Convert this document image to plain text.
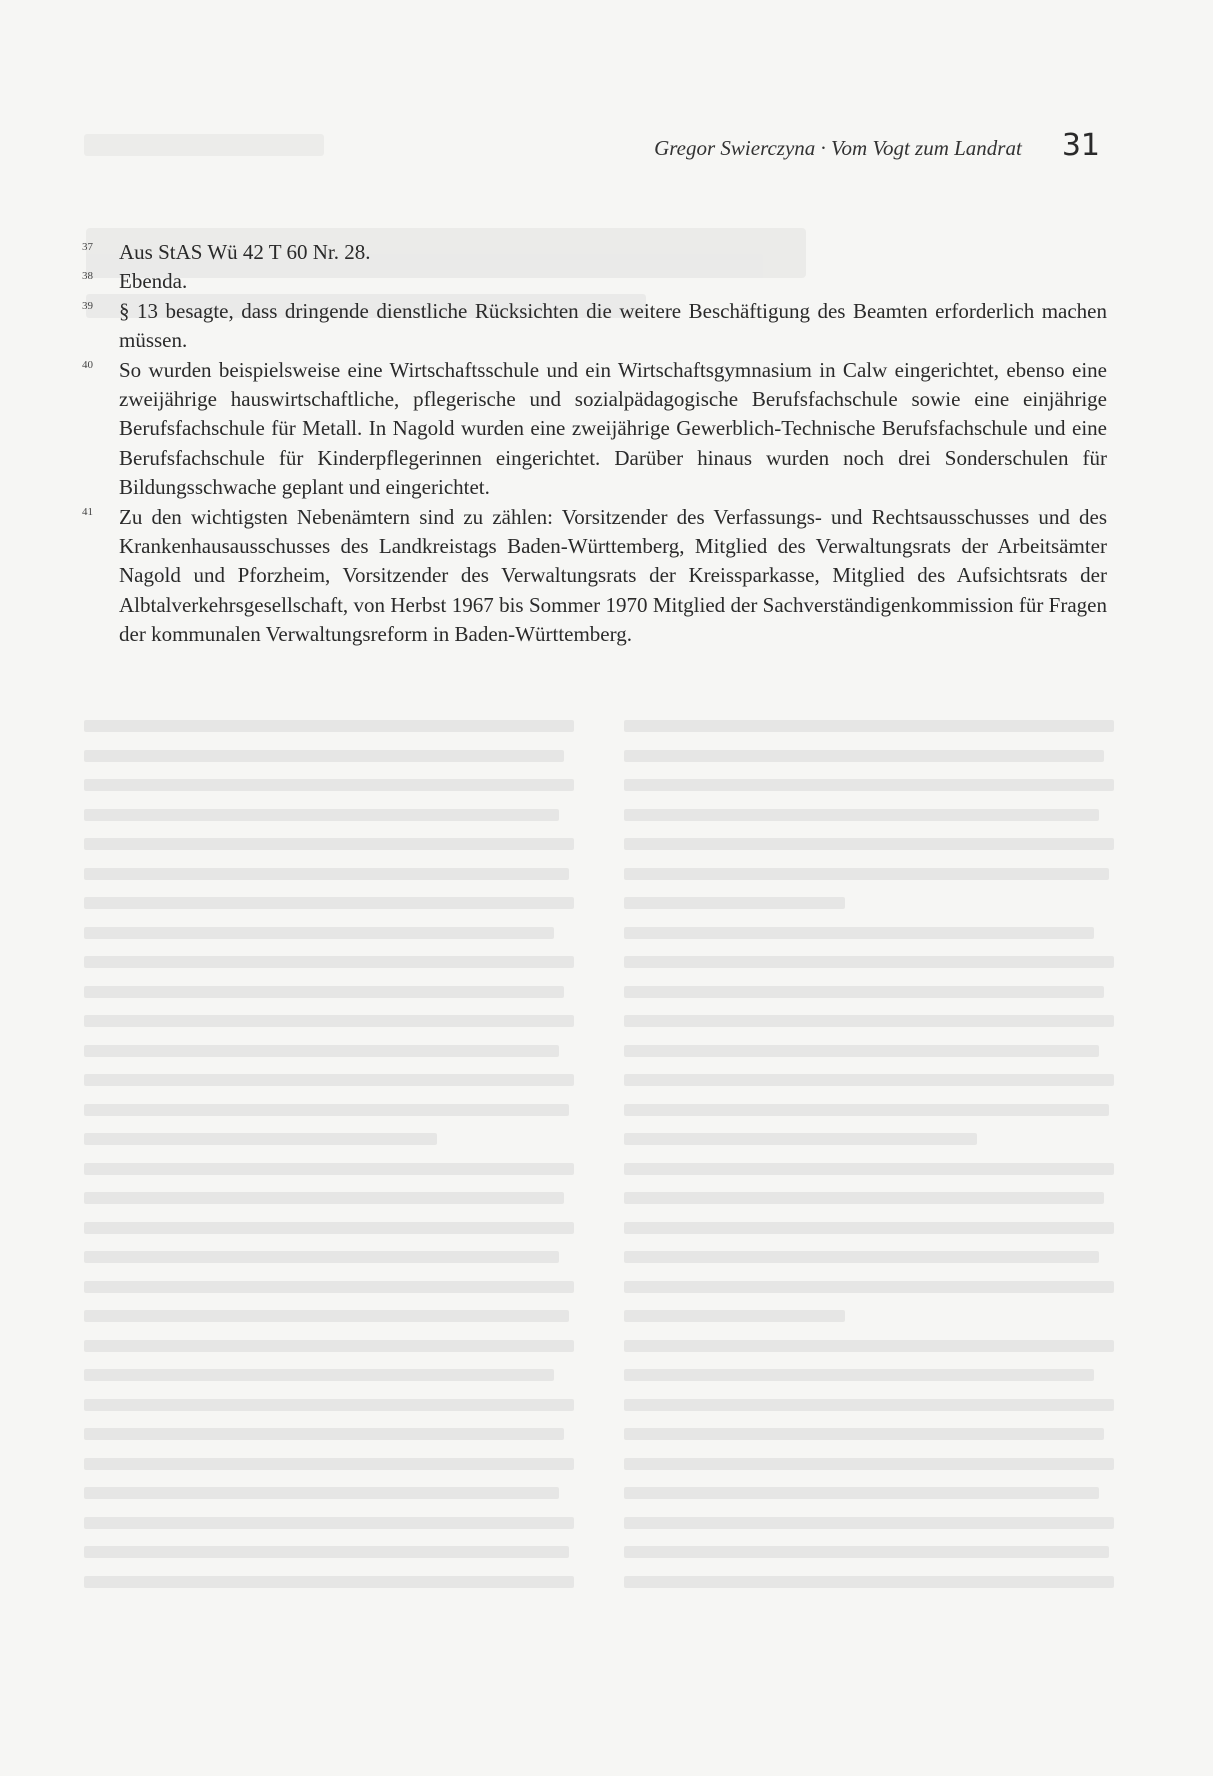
Gregor Swierczyna · Vom Vogt zum Landrat 31
37 Aus StAS Wü 42 T 60 Nr. 28.
38 Ebenda.
39 § 13 besagte, dass dringende dienstliche Rücksichten die weitere Beschäftigung des Beamten erforderlich machen müssen.
40 So wurden beispielsweise eine Wirtschaftsschule und ein Wirtschaftsgymnasium in Calw eingerichtet, ebenso eine zweijährige hauswirtschaftliche, pflegerische und sozialpädagogische Berufsfachschule sowie eine einjährige Berufsfachschule für Metall. In Nagold wurden eine zweijährige Gewerblich-Technische Berufsfachschule und eine Berufsfachschule für Kinderpflegerinnen eingerichtet. Darüber hinaus wurden noch drei Sonderschulen für Bildungsschwache geplant und eingerichtet.
41 Zu den wichtigsten Nebenämtern sind zu zählen: Vorsitzender des Verfassungs- und Rechtsausschusses und des Krankenhausausschusses des Landkreistags Baden-Württemberg, Mitglied des Verwaltungsrats der Arbeitsämter Nagold und Pforzheim, Vorsitzender des Verwaltungsrats der Kreissparkasse, Mitglied des Aufsichtsrats der Albtalverkehrsgesellschaft, von Herbst 1967 bis Sommer 1970 Mitglied der Sachverständigenkommission für Fragen der kommunalen Verwaltungsreform in Baden-Württemberg.
